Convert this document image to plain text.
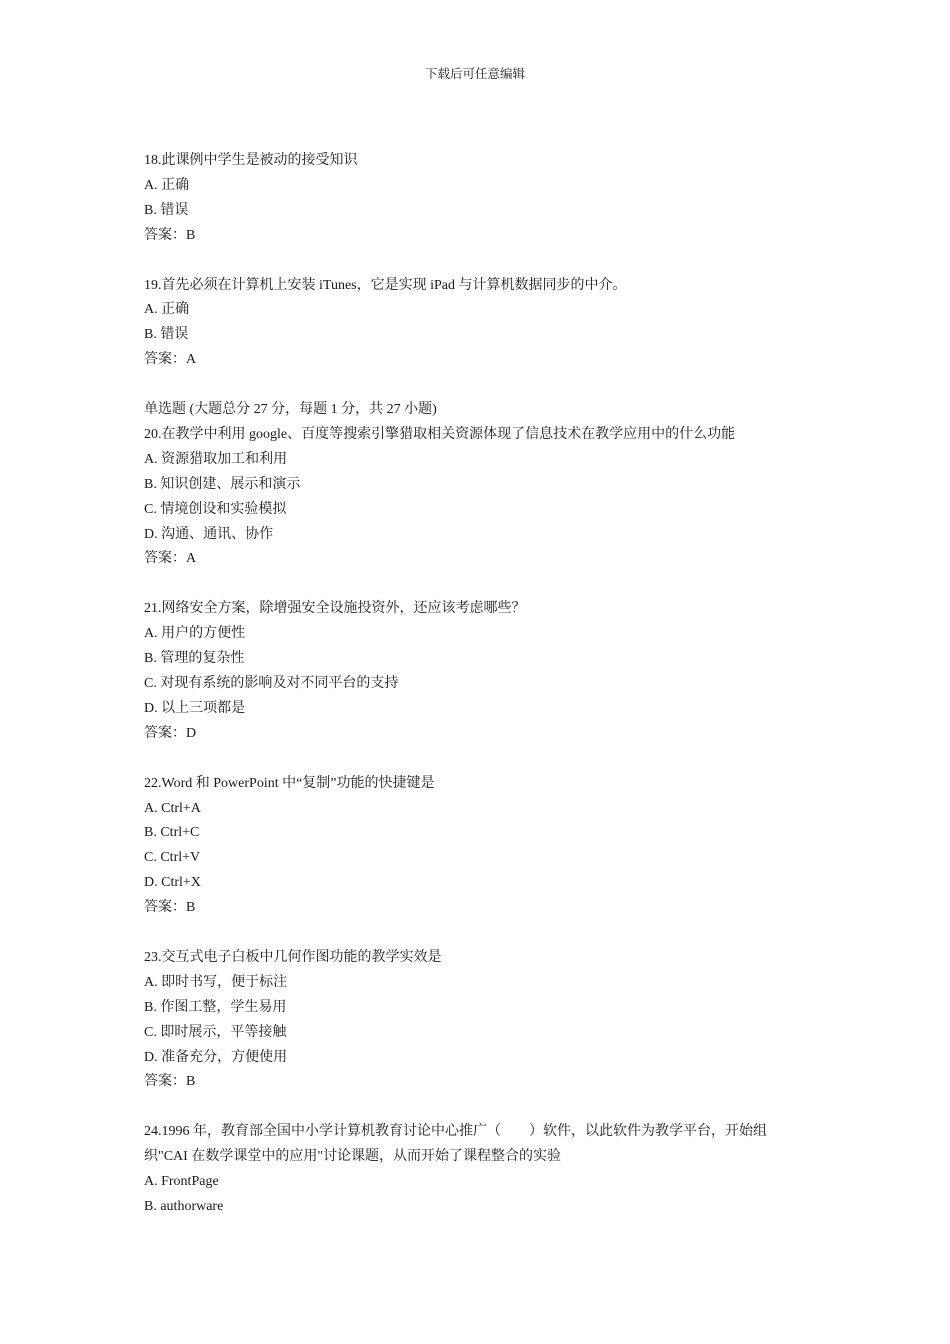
下载后可任意编辑
18.此课例中学生是被动的接受知识
A. 正确
B. 错误
答案：B
19.首先必须在计算机上安装 iTunes，它是实现 iPad 与计算机数据同步的中介。
A. 正确
B. 错误
答案：A
单选题 (大题总分 27 分，每题 1 分，共 27 小题)
20.在教学中利用 google、百度等搜索引擎猎取相关资源体现了信息技术在教学应用中的什么功能
A. 资源猎取加工和利用
B. 知识创建、展示和演示
C. 情境创设和实验模拟
D. 沟通、通讯、协作
答案：A
21.网络安全方案，除增强安全设施投资外，还应该考虑哪些？
A. 用户的方便性
B. 管理的复杂性
C. 对现有系统的影响及对不同平台的支持
D. 以上三项都是
答案：D
22.Word 和 PowerPoint 中“复制”功能的快捷键是
A. Ctrl+A
B. Ctrl+C
C. Ctrl+V
D. Ctrl+X
答案：B
23.交互式电子白板中几何作图功能的教学实效是
A. 即时书写，便于标注
B. 作图工整，学生易用
C. 即时展示，平等接触
D. 准备充分，方便使用
答案：B
24.1996 年，教育部全国中小学计算机教育讨论中心推广（　　）软件，以此软件为教学平台，开始组
织"CAI 在数学课堂中的应用"讨论课题，从而开始了课程整合的实验
A. FrontPage
B. authorware
